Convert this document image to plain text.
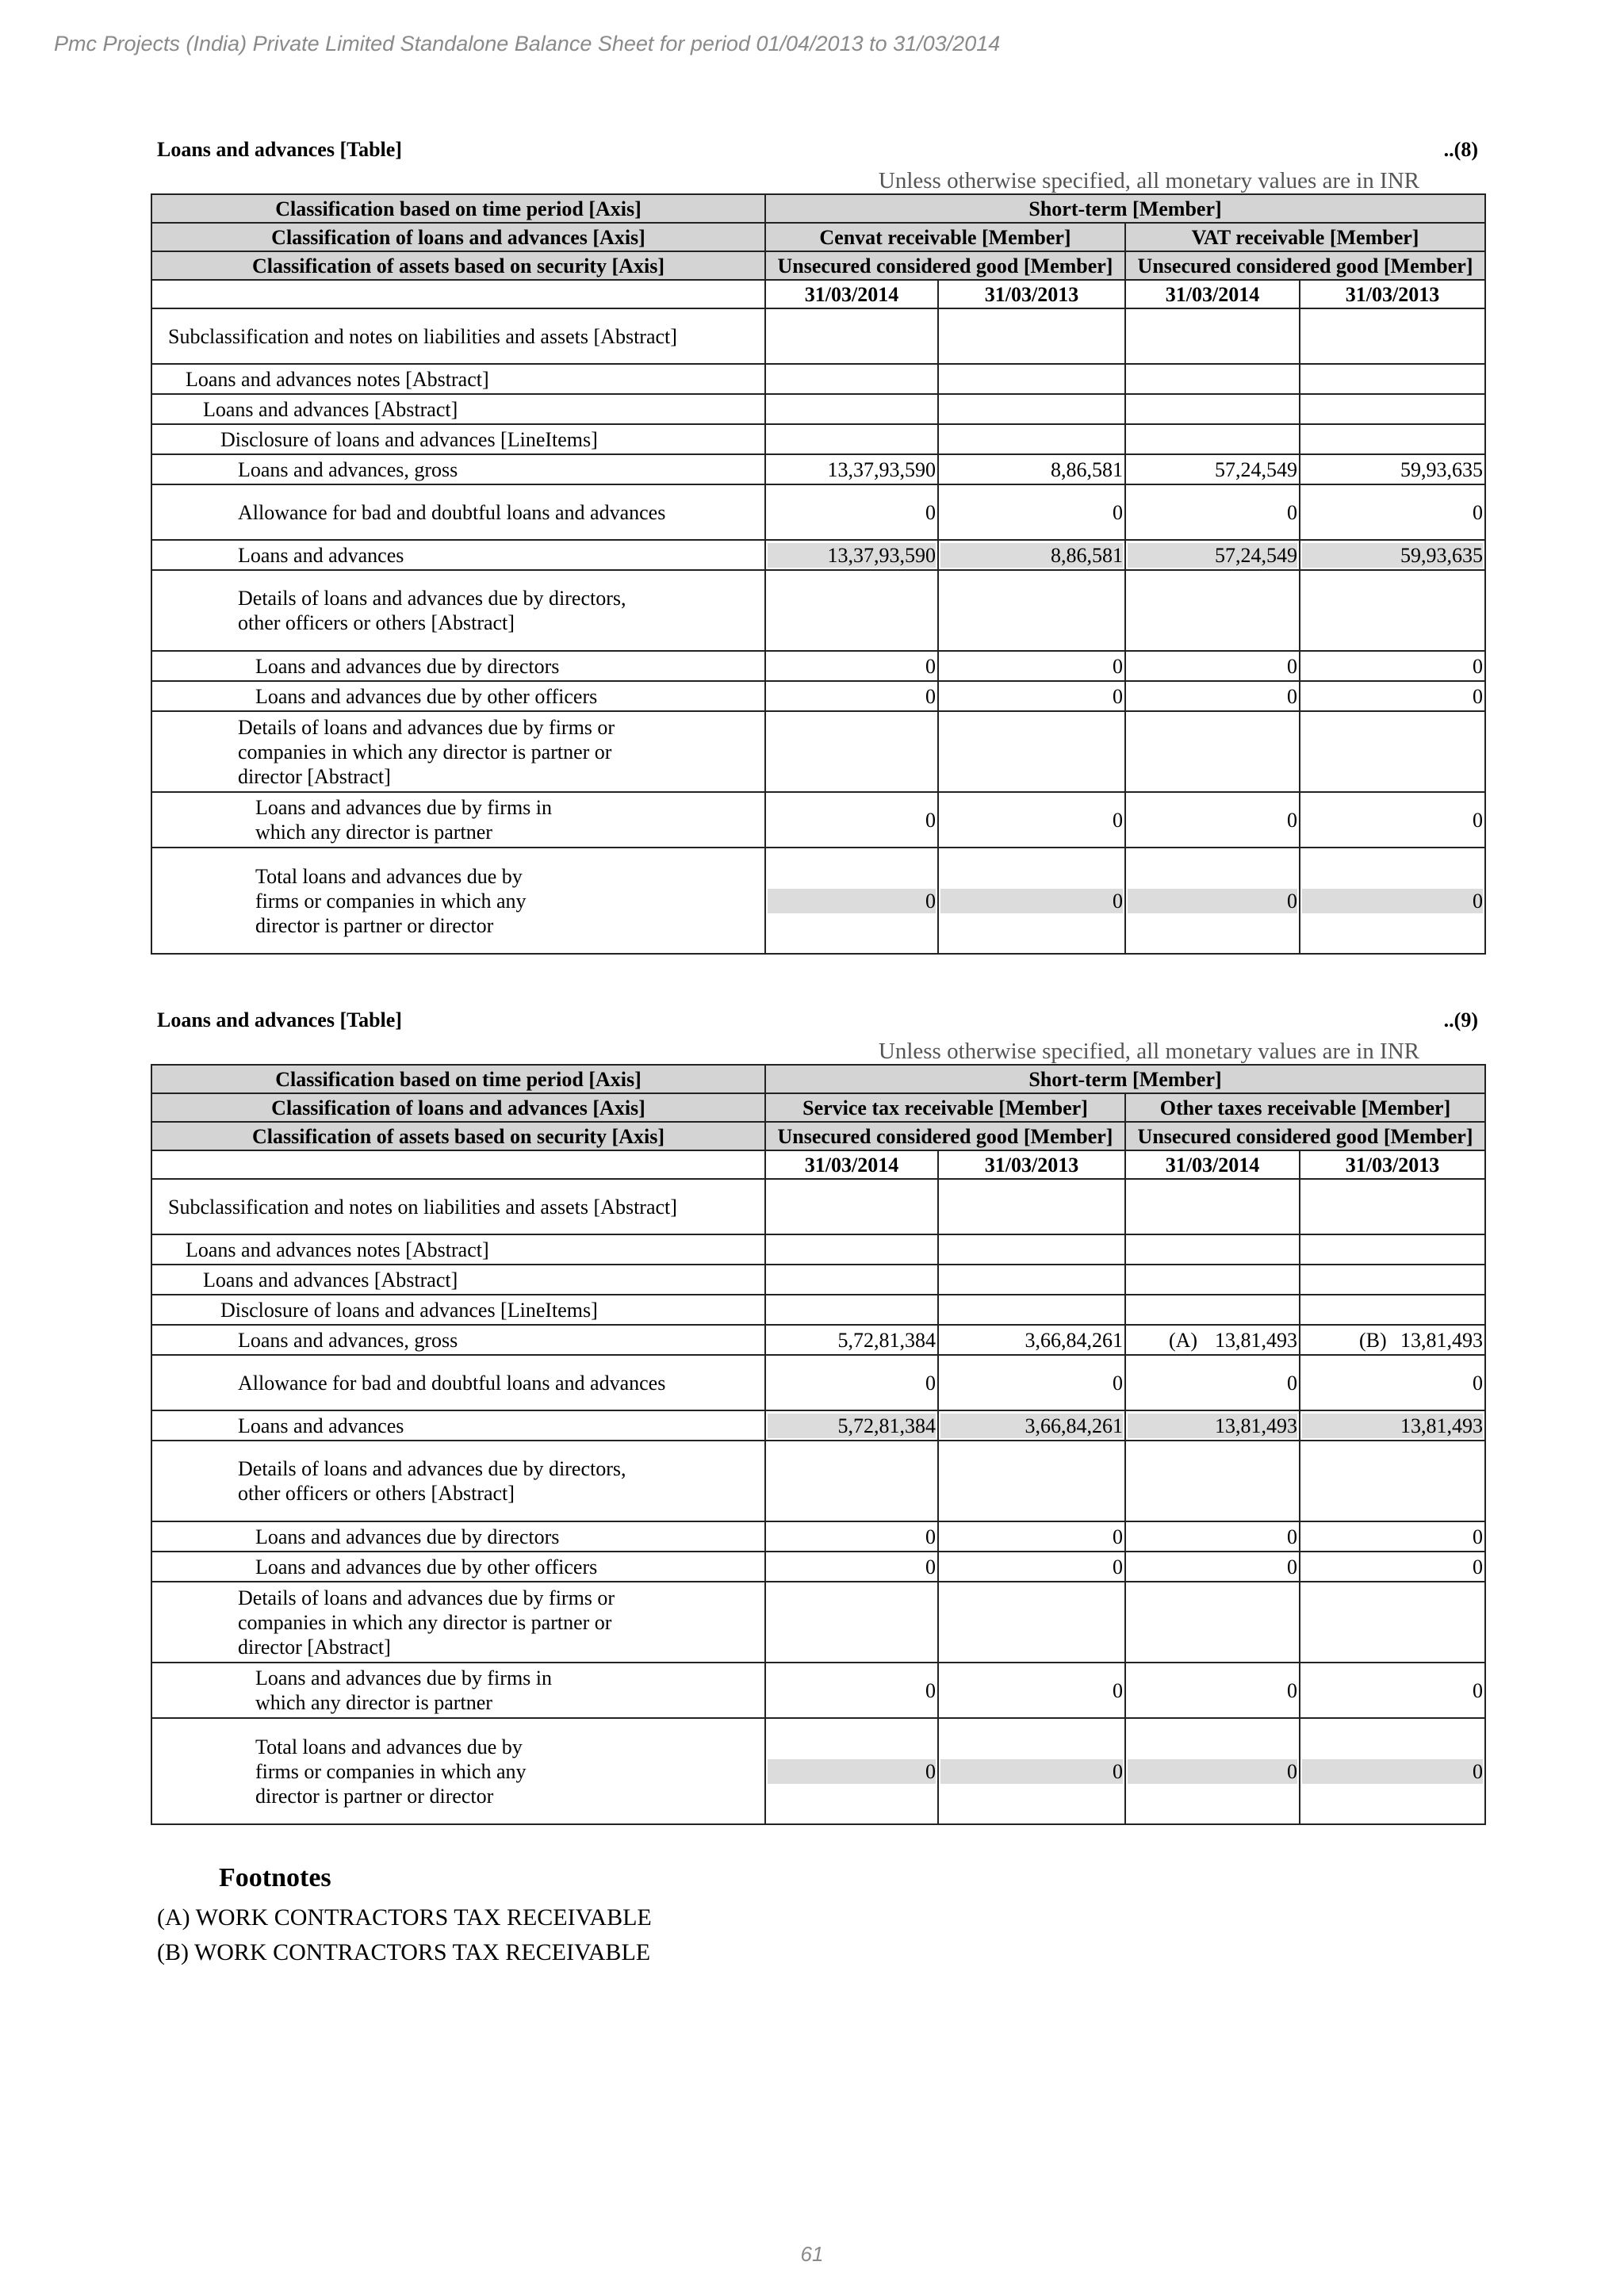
Pmc Projects (India) Private Limited Standalone Balance Sheet for period 01/04/2013 to 31/03/2014
Loans and advances [Table]	..(8)
Unless otherwise specified, all monetary values are in INR
Classification based on time period [Axis]	Short-term [Member]			
Classification of loans and advances [Axis]	Cenvat receivable [Member]		VAT receivable [Member]	
Classification of assets based on security [Axis]	Unsecured considered good [Member]		Unsecured considered good [Member]	
	31/03/2014	31/03/2013	31/03/2014	31/03/2013
Subclassification and notes on liabilities and assets [Abstract]				
Loans and advances notes [Abstract]				
Loans and advances [Abstract]				
Disclosure of loans and advances [LineItems]				
Loans and advances, gross	13,37,93,590	8,86,581	57,24,549	59,93,635
Allowance for bad and doubtful loans and advances	0	0	0	0
Loans and advances	13,37,93,590	8,86,581	57,24,549	59,93,635

Details of loans and advances due by directors, other officers or others [Abstract]				
Loans and advances due by directors	0	0	0	0
Loans and advances due by other officers	0	0	0	0
Details of loans and advances due by firms or companies in which any director is partner or director [Abstract]				
Loans and advances due by firms in which any director is partner	0	0	0	0
Total loans and advances due by firms or companies in which any director is partner or director	0	0	0	0
Loans and advances [Table]	..(9)
Unless otherwise specified, all monetary values are in INR
Classification based on time period [Axis]	Short-term [Member]			
Classification of loans and advances [Axis]	Service tax receivable [Member]		Other taxes receivable [Member]	
Classification of assets based on security [Axis]	Unsecured considered good [Member]		Unsecured considered good [Member]	
	31/03/2014	31/03/2013	31/03/2014	31/03/2013
Subclassification and notes on liabilities and assets [Abstract]				
Loans and advances notes [Abstract]				
Loans and advances [Abstract]				
Disclosure of loans and advances [LineItems]				
Loans and advances, gross	5,72,81,384	3,66,84,261	(A) 13,81,493	(B) 13,81,493
Allowance for bad and doubtful loans and advances	0	0	0	0
Loans and advances	5,72,81,384	3,66,84,261	13,81,493	13,81,493

Details of loans and advances due by directors, other officers or others [Abstract]				
Loans and advances due by directors	0	0	0	0
Loans and advances due by other officers	0	0	0	0
Details of loans and advances due by firms or companies in which any director is partner or director [Abstract]				
Loans and advances due by firms in which any director is partner	0	0	0	0
Total loans and advances due by firms or companies in which any director is partner or director	0	0	0	0
Footnotes
(A) WORK CONTRACTORS TAX RECEIVABLE
(B) WORK CONTRACTORS TAX RECEIVABLE
61
